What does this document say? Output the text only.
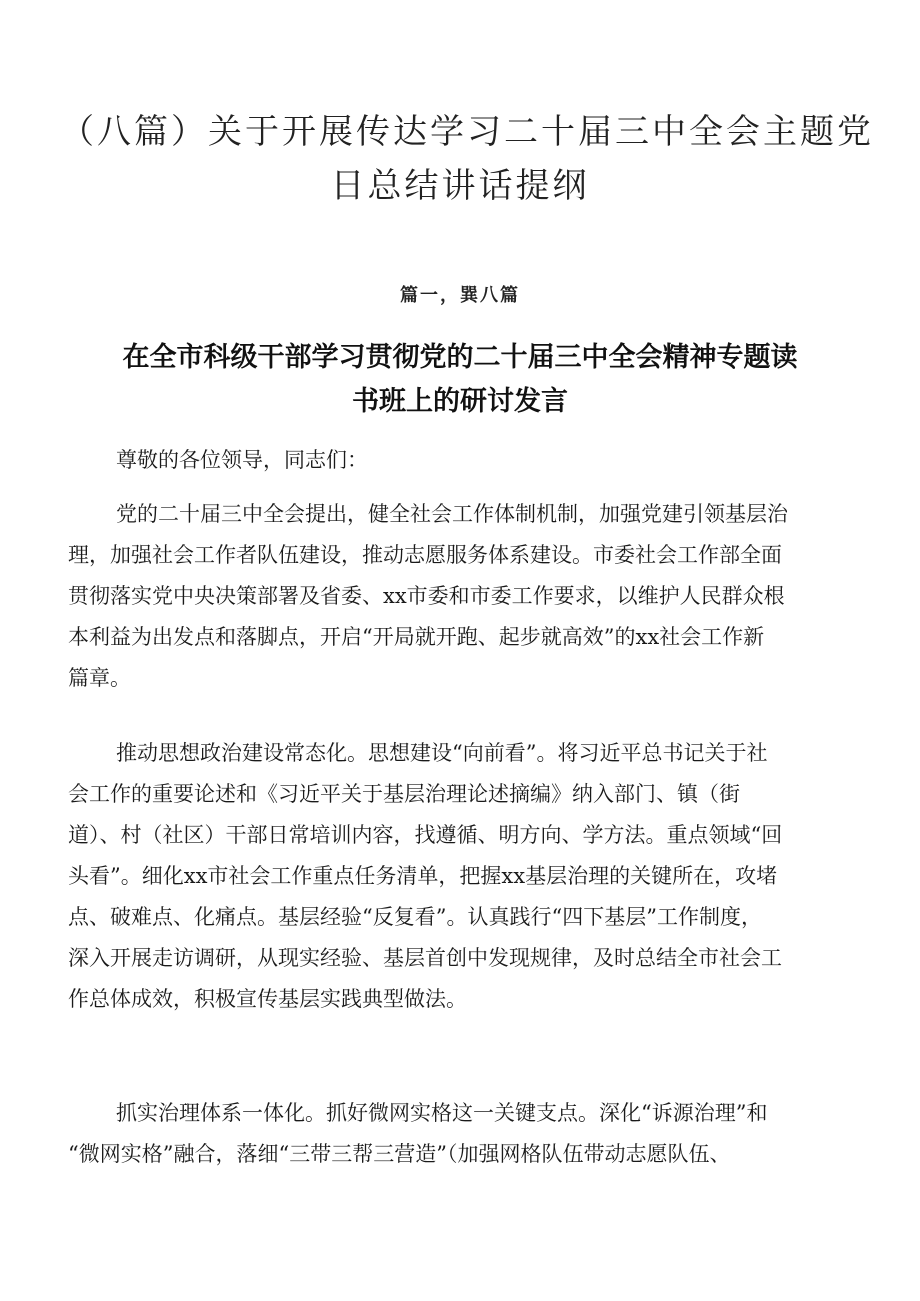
（八篇）关于开展传达学习二十届三中全会主题党
日总结讲话提纲
篇一，巽八篇
在全市科级干部学习贯彻党的二十届三中全会精神专题读
书班上的研讨发言
尊敬的各位领导，同志们：
党的二十届三中全会提出，健全社会工作体制机制，加强党建引领基层治
理，加强社会工作者队伍建设，推动志愿服务体系建设。市委社会工作部全面
贯彻落实党中央决策部署及省委、xx市委和市委工作要求，以维护人民群众根
本利益为出发点和落脚点，开启“开局就开跑、起步就高效”的xx社会工作新
篇章。
推动思想政治建设常态化。思想建设“向前看”。将习近平总书记关于社
会工作的重要论述和《习近平关于基层治理论述摘编》纳入部门、镇（街
道）、村（社区）干部日常培训内容，找遵循、明方向、学方法。重点领域“回
头看”。细化xx市社会工作重点任务清单，把握xx基层治理的关键所在，攻堵
点、破难点、化痛点。基层经验“反复看”。认真践行“四下基层”工作制度，
深入开展走访调研，从现实经验、基层首创中发现规律，及时总结全市社会工
作总体成效，积极宣传基层实践典型做法。
抓实治理体系一体化。抓好微网实格这一关键支点。深化“诉源治理”和
“微网实格”融合，落细“三带三帮三营造”（加强网格队伍带动志愿队伍、
